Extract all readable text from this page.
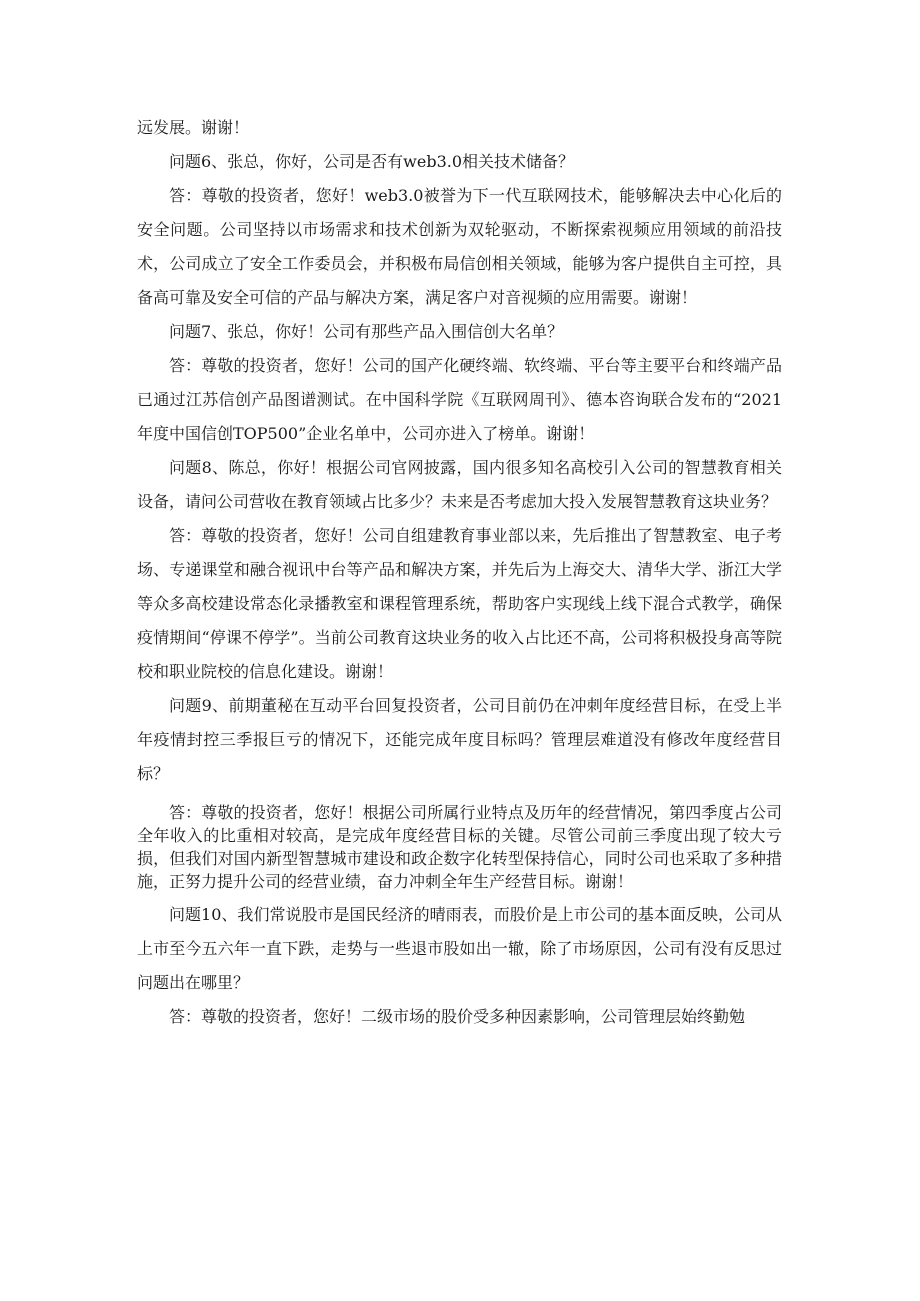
远发展。谢谢！

问题6、张总，你好，公司是否有web3.0相关技术储备？

答：尊敬的投资者，您好！web3.0被誉为下一代互联网技术，能够解决去中心化后的安全问题。公司坚持以市场需求和技术创新为双轮驱动，不断探索视频应用领域的前沿技术，公司成立了安全工作委员会，并积极布局信创相关领域，能够为客户提供自主可控，具备高可靠及安全可信的产品与解决方案，满足客户对音视频的应用需要。谢谢！

问题7、张总，你好！公司有那些产品入围信创大名单？

答：尊敬的投资者，您好！公司的国产化硬终端、软终端、平台等主要平台和终端产品已通过江苏信创产品图谱测试。在中国科学院《互联网周刊》、德本咨询联合发布的“2021年度中国信创TOP500”企业名单中，公司亦进入了榜单。谢谢！

问题8、陈总，你好！根据公司官网披露，国内很多知名高校引入公司的智慧教育相关设备，请问公司营收在教育领域占比多少？未来是否考虑加大投入发展智慧教育这块业务？

答：尊敬的投资者，您好！公司自组建教育事业部以来，先后推出了智慧教室、电子考场、专递课堂和融合视讯中台等产品和解决方案，并先后为上海交大、清华大学、浙江大学等众多高校建设常态化录播教室和课程管理系统，帮助客户实现线上线下混合式教学，确保疫情期间“停课不停学”。当前公司教育这块业务的收入占比还不高，公司将积极投身高等院校和职业院校的信息化建设。谢谢！

问题9、前期董秘在互动平台回复投资者，公司目前仍在冲刺年度经营目标，在受上半年疫情封控三季报巨亏的情况下，还能完成年度目标吗？管理层难道没有修改年度经营目标？

答：尊敬的投资者，您好！根据公司所属行业特点及历年的经营情况，第四季度占公司全年收入的比重相对较高，是完成年度经营目标的关键。尽管公司前三季度出现了较大亏损，但我们对国内新型智慧城市建设和政企数字化转型保持信心，同时公司也采取了多种措施，正努力提升公司的经营业绩，奋力冲刺全年生产经营目标。谢谢！

问题10、我们常说股市是国民经济的晴雨表，而股价是上市公司的基本面反映，公司从上市至今五六年一直下跌，走势与一些退市股如出一辙，除了市场原因，公司有没有反思过问题出在哪里？

答：尊敬的投资者，您好！二级市场的股价受多种因素影响，公司管理层始终勤勉
